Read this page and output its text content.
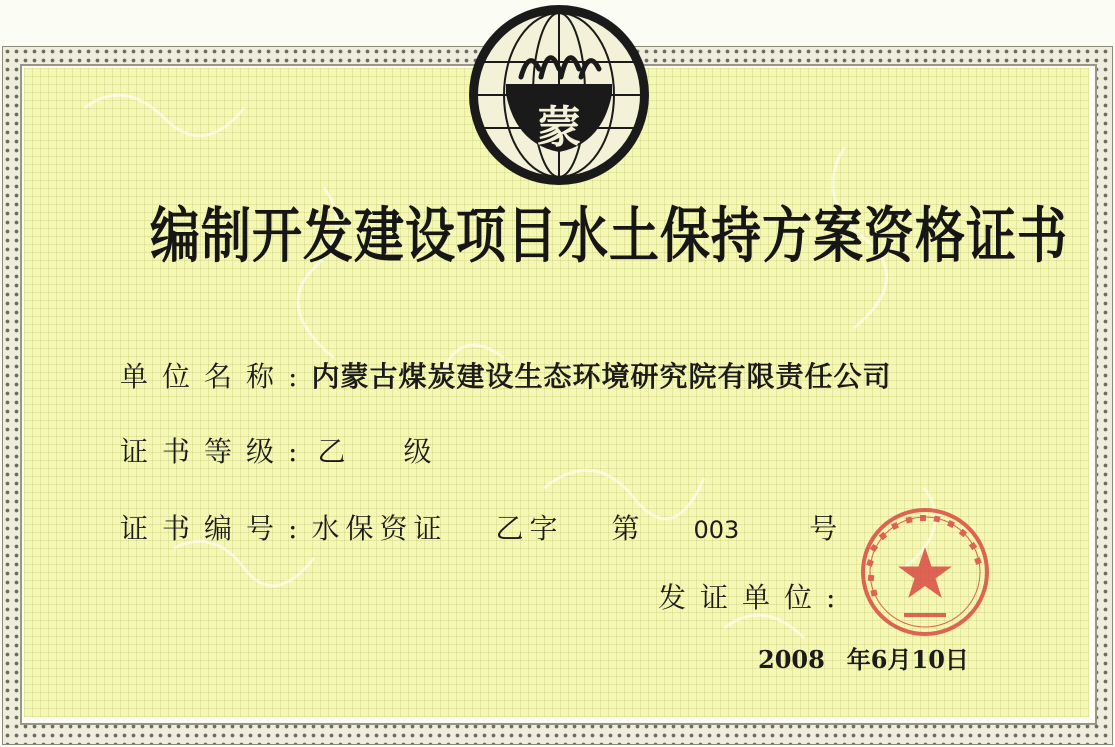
蒙
编制开发建设项目水土保持方案资格证书
单位名称:内蒙古煤炭建设生态环境研究院有限责任公司
证书等级: 乙级
证书编号:水保资证 乙字 第 003	号
发证单位:
2008 年6月10日
